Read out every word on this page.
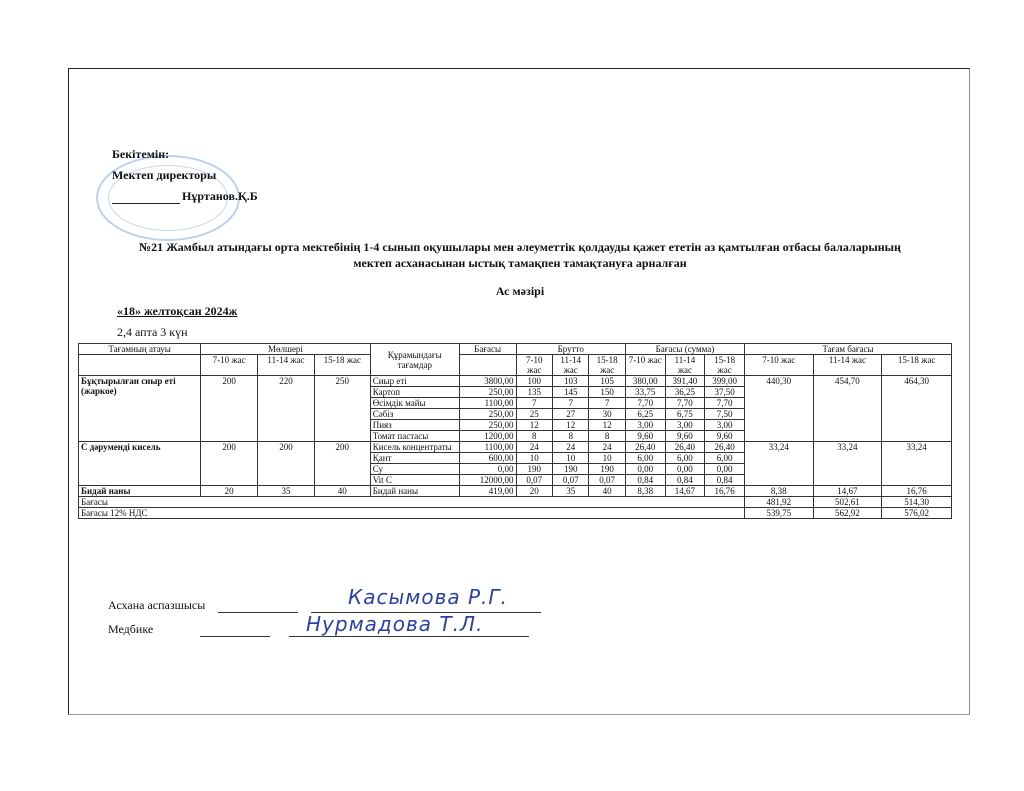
Бекітемін:
Мектеп директоры
Нұртанов.Қ.Б
№21 Жамбыл атындағы орта мектебінің 1-4 сынып оқушылары мен әлеуметтік қолдауды қажет ететін аз қамтылған отбасы балаларының
мектеп асханасынан ыстық тамақпен тамақтануға арналған
Ас мәзірі
«18» желтоқсан 2024ж
2,4 апта 3 күн
Тағамның атауы	Мөлшері			Құрамындағы тағамдар	Бағасы	Брутто			Бағасы (сумма)			Тағам бағасы		
	7-10 жас	11-14 жас	15-18 жас			7-10 жас	11-14 жас	15-18 жас	7-10 жас	11-14 жас	15-18 жас	7-10 жас	11-14 жас	15-18 жас
Бұқтырылған сиыр еті (жаркое)	200	220	250	Сиыр еті	3800,00	100	103	105	380,00	391,40	399,00	440,30	454,70	464,30
				Картоп	250,00	135	145	150	33,75	36,25	37,50			
				Өсімдік майы	1100,00	7	7	7	7,70	7,70	7,70			
				Сәбіз	250,00	25	27	30	6,25	6,75	7,50			
				Пияз	250,00	12	12	12	3,00	3,00	3,00			
				Томат пастасы	1200,00	8	8	8	9,60	9,60	9,60			
С дәруменді кисель	200	200	200	Кисель концентраты	1100,00	24	24	24	26,40	26,40	26,40	33,24	33,24	33,24
				Қант	600,00	10	10	10	6,00	6,00	6,00			
				Су	0,00	190	190	190	0,00	0,00	0,00			
				Vit C	12000,00	0,07	0,07	0,07	0,84	0,84	0,84			
Бидай наны	20	35	40	Бидай наны	419,00	20	35	40	8,38	14,67	16,76	8,38	14,67	16,76
Бағасы												481,92	502,61	514,30
Бағасы 12% НДС												539,75	562,92	576,02
Асхана аспазшысы	Касымова Р.Г.
Медбике	Нурмадова Т.Л.
